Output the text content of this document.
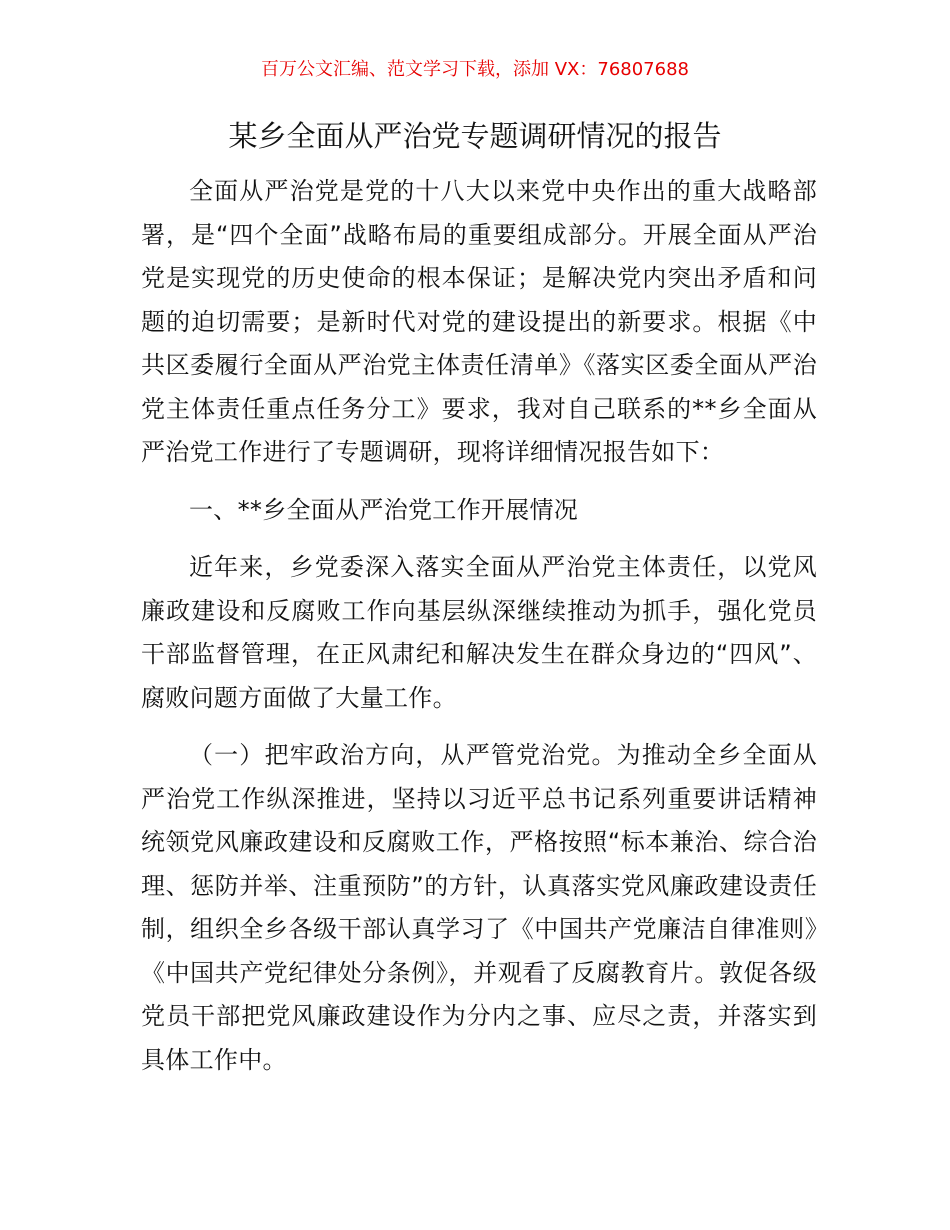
百万公文汇编、范文学习下载，添加 VX：76807688
某乡全面从严治党专题调研情况的报告

全面从严治党是党的十八大以来党中央作出的重大战略部署，是“四个全面”战略布局的重要组成部分。开展全面从严治党是实现党的历史使命的根本保证；是解决党内突出矛盾和问题的迫切需要；是新时代对党的建设提出的新要求。根据《中共区委履行全面从严治党主体责任清单》《落实区委全面从严治党主体责任重点任务分工》要求，我对自己联系的**乡全面从严治党工作进行了专题调研，现将详细情况报告如下：

一、**乡全面从严治党工作开展情况

近年来，乡党委深入落实全面从严治党主体责任，以党风廉政建设和反腐败工作向基层纵深继续推动为抓手，强化党员干部监督管理，在正风肃纪和解决发生在群众身边的“四风”、腐败问题方面做了大量工作。

（一）把牢政治方向，从严管党治党。为推动全乡全面从严治党工作纵深推进，坚持以习近平总书记系列重要讲话精神统领党风廉政建设和反腐败工作，严格按照“标本兼治、综合治理、惩防并举、注重预防”的方针，认真落实党风廉政建设责任制，组织全乡各级干部认真学习了《中国共产党廉洁自律准则》《中国共产党纪律处分条例》，并观看了反腐教育片。敦促各级党员干部把党风廉政建设作为分内之事、应尽之责，并落实到具体工作中。
